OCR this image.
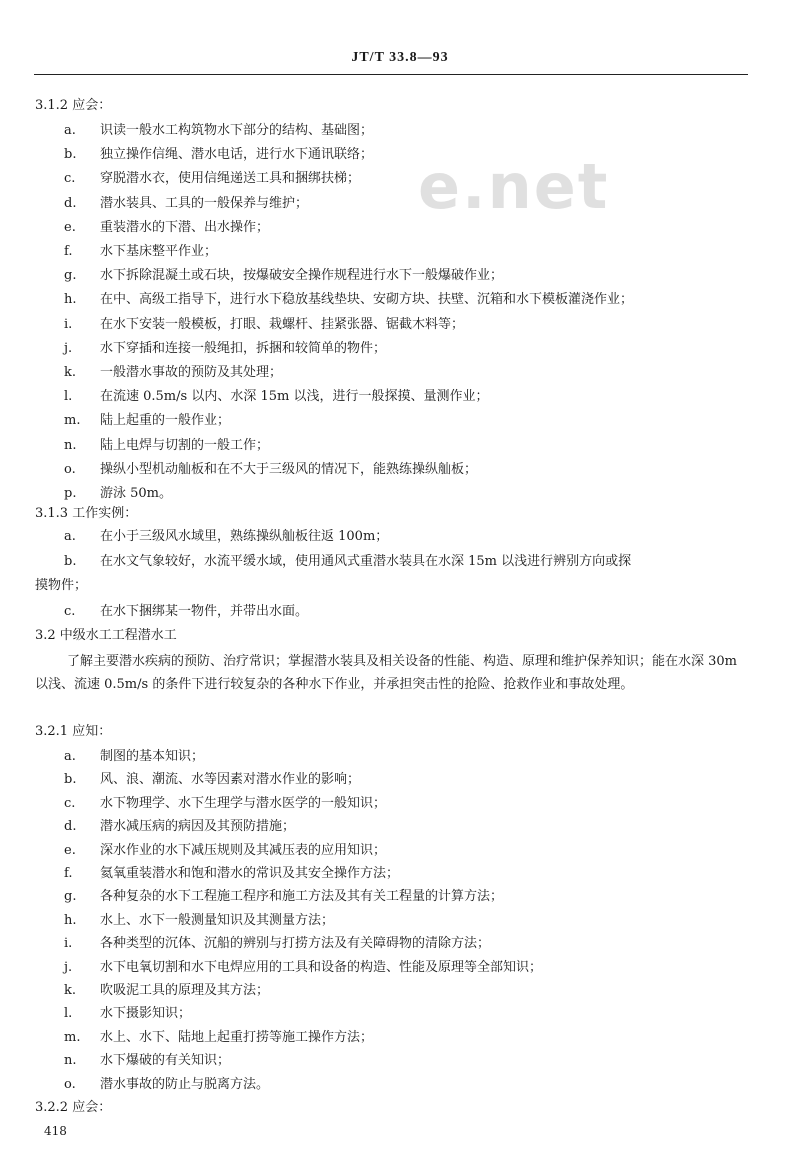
JT/T 33.8—93
e.net
3.1.2 应会：
a.	识读一般水工构筑物水下部分的结构、基础图；
b.	独立操作信绳、潜水电话，进行水下通讯联络；
c.	穿脱潜水衣，使用信绳递送工具和捆绑扶梯；
d.	潜水装具、工具的一般保养与维护；
e.	重装潜水的下潜、出水操作；
f.	水下基床整平作业；
g.	水下拆除混凝土或石块，按爆破安全操作规程进行水下一般爆破作业；
h.	在中、高级工指导下，进行水下稳放基线垫块、安砌方块、扶壁、沉箱和水下模板灌浇作业；
i.	在水下安装一般模板，打眼、栽螺杆、挂紧张器、锯截木料等；
j.	水下穿插和连接一般绳扣，拆捆和较简单的物件；
k.	一般潜水事故的预防及其处理；
l.	在流速 0.5m/s 以内、水深 15m 以浅，进行一般探摸、量测作业；
m.	陆上起重的一般作业；
n.	陆上电焊与切割的一般工作；
o.	操纵小型机动舢板和在不大于三级风的情况下，能熟练操纵舢板；
p.	游泳 50m。
3.1.3 工作实例：
a.	在小于三级风水域里，熟练操纵舢板往返 100m；
b.	在水文气象较好，水流平缓水域，使用通风式重潜水装具在水深 15m 以浅进行辨别方向或探
摸物件；
c.	在水下捆绑某一物件，并带出水面。
3.2 中级水工工程潜水工
了解主要潜水疾病的预防、治疗常识；掌握潜水装具及相关设备的性能、构造、原理和维护保养知识；能在水深 30m 以浅、流速 0.5m/s 的条件下进行较复杂的各种水下作业，并承担突击性的抢险、抢救作业和事故处理。
3.2.1 应知：
a.	制图的基本知识；
b.	风、浪、潮流、水等因素对潜水作业的影响；
c.	水下物理学、水下生理学与潜水医学的一般知识；
d.	潜水减压病的病因及其预防措施；
e.	深水作业的水下减压规则及其减压表的应用知识；
f.	氦氧重装潜水和饱和潜水的常识及其安全操作方法；
g.	各种复杂的水下工程施工程序和施工方法及其有关工程量的计算方法；
h.	水上、水下一般测量知识及其测量方法；
i.	各种类型的沉体、沉船的辨别与打捞方法及有关障碍物的清除方法；
j.	水下电氧切割和水下电焊应用的工具和设备的构造、性能及原理等全部知识；
k.	吹吸泥工具的原理及其方法；
l.	水下摄影知识；
m.	水上、水下、陆地上起重打捞等施工操作方法；
n.	水下爆破的有关知识；
o.	潜水事故的防止与脱离方法。
3.2.2 应会：
418
